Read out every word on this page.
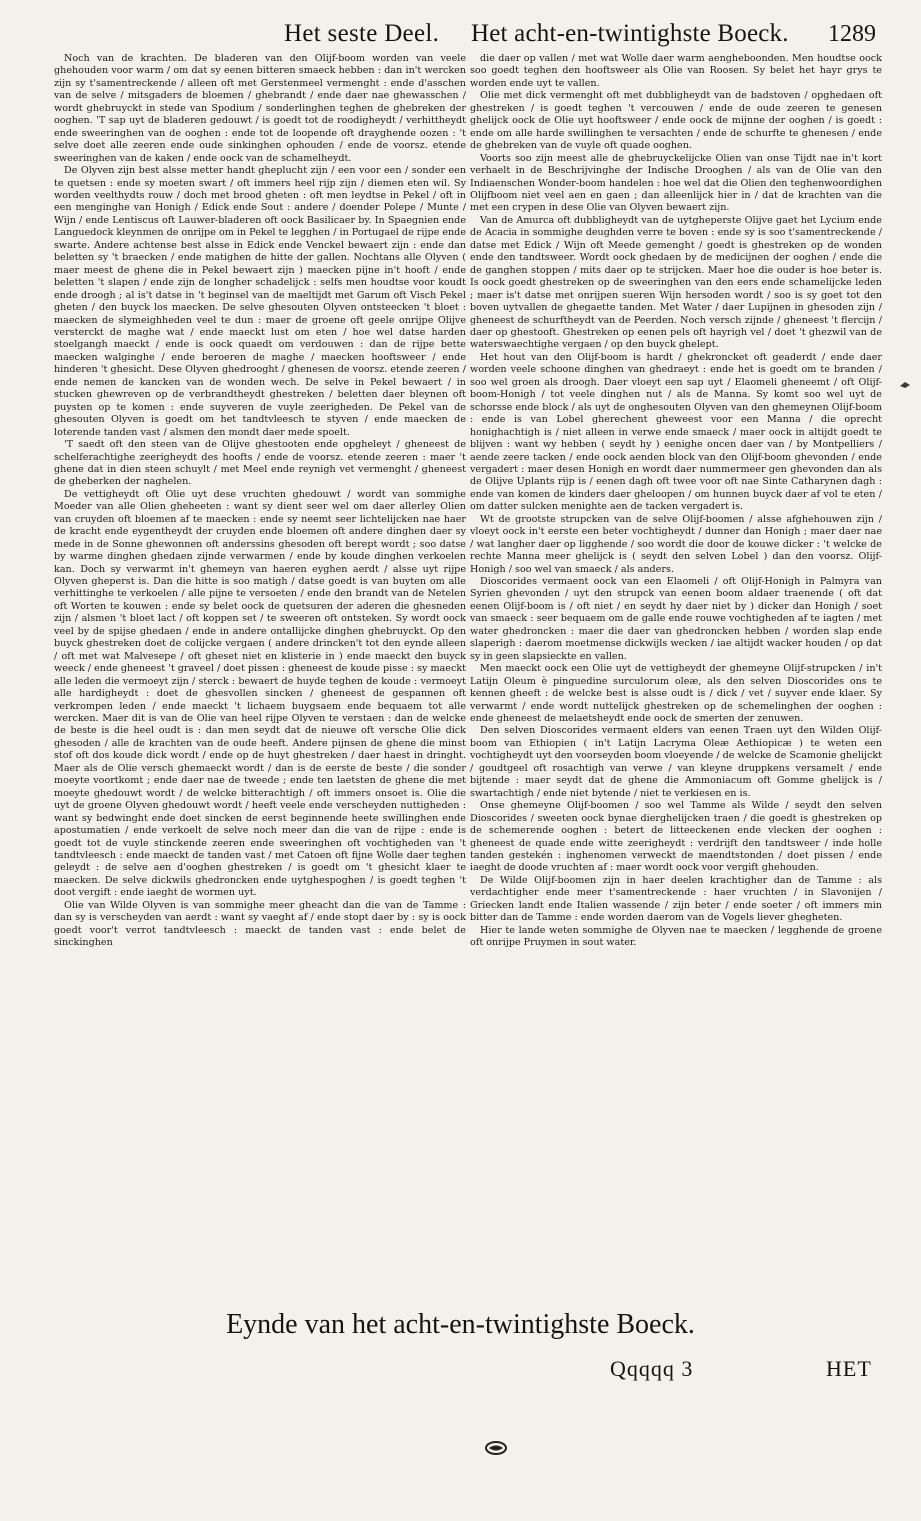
Het seste Deel. Het acht-en-twintighste Boeck. 1289

Noch van de krachten. De bladeren van den Olijf-boom worden van veele ghehouden voor warm / om dat sy eenen bitteren smaeck hebben : dan in't wercken zijn sy t'samentreckende / alleen oft met Gerstenmeel vermenght : ende d'asschen van de selve / mitsgaders de bloemen / ghebrandt / ende daer nae ghewasschen / wordt ghebruyckt in stede van Spodium / sonderlinghen teghen de ghebreken der ooghen. 'T sap uyt de bladeren gedouwt / is goedt tot de roodigheydt / verhittheydt ende sweeringhen van de ooghen : ende tot de loopende oft drayghende oozen : 't selve doet alle zeeren ende oude sinkinghen ophouden / ende de voorsz. etende sweeringhen van de kaken / ende oock van de schamelheydt.

De Olyven zijn best alsse metter handt gheplucht zijn / een voor een / sonder een te quetsen : ende sy moeten swart / oft immers heel rijp zijn / diemen eten wil. Sy worden veelthydts rouw / doch met brood gheten : oft men leydtse in Pekel / oft in een menginghe van Honigh / Edick ende Sout : andere / doender Polepe / Munte / Wijn / ende Lentiscus oft Lauwer-bladeren oft oock Basilicaer by. In Spaegnien ende Languedock kleynmen de onrijpe om in Pekel te legghen / in Portugael de rijpe ende swarte. Andere achtense best alsse in Edick ende Venckel bewaert zijn : ende dan beletten sy 't braecken / ende matighen de hitte der gallen. Nochtans alle Olyven ( maer meest de ghene die in Pekel bewaert zijn ) maecken pijne in't hooft / ende beletten 't slapen / ende zijn de longher schadelijck : selfs men houdtse voor koudt ende droogh ; al is't datse in 't beginsel van de maeltijdt met Garum oft Visch Pekel gheten / den buyck los maecken. De selve ghesouten Olyven ontsteecken 't bloet : maecken de slymeighheden veel te dun : maer de groene oft geele onrijpe Olijve versterckt de maghe wat / ende maeckt lust om eten / hoe wel datse harden stoelgangh maeckt / ende is oock quaedt om verdouwen : dan de rijpe bette maecken walginghe / ende beroeren de maghe / maecken hooftsweer / ende hinderen 't ghesicht. Dese Olyven ghedrooght / ghenesen de voorsz. etende zeeren / ende nemen de kancken van de wonden wech. De selve in Pekel bewaert / in stucken ghewreven op de verbrandtheydt ghestreken / beletten daer bleynen oft puysten op te komen : ende suyveren de vuyle zeerigheden. De Pekel van de ghesouten Olyven is goedt om het tandtvleesch te styven / ende maecken de loterende tanden vast / alsmen den mondt daer mede spoelt.

'T saedt oft den steen van de Olijve ghestooten ende opgheleyt / gheneest de schelferachtighe zeerigheydt des hoofts / ende de voorsz. etende zeeren : maer 't ghene dat in dien steen schuylt / met Meel ende reynigh vet vermenght / gheneest de gheberken der naghelen.

De vettigheydt oft Olie uyt dese vruchten ghedouwt / wordt van sommighe Moeder van alle Olien gheheeten : want sy dient seer wel om daer allerley Olien van cruyden oft bloemen af te maecken : ende sy neemt seer lichtelijcken nae haer de kracht ende eygentheydt der cruyden ende bloemen oft andere dinghen daer sy mede in de Sonne ghewonnen oft anderssins ghesoden oft berept wordt ; soo datse by warme dinghen ghedaen zijnde verwarmen / ende by koude dinghen verkoelen kan. Doch sy verwarmt in't ghemeyn van haeren eyghen aerdt / alsse uyt rijpe Olyven gheperst is. Dan die hitte is soo matigh / datse goedt is van buyten om alle verhittinghe te verkoelen / alle pijne te versoeten / ende den brandt van de Netelen oft Worten te kouwen : ende sy belet oock de quetsuren der aderen die ghesneden zijn / alsmen 't bloet lact / oft koppen set / te sweeren oft ontsteken. Sy wordt oock veel by de spijse ghedaen / ende in andere ontallijcke dinghen ghebruyckt. Op den buyck ghestreken doet de colijcke vergaen ( andere drincken't tot den eynde alleen / oft met wat Malvesepe / oft gheset niet en klisterie in ) ende maeckt den buyck weeck / ende gheneest 't graveel / doet pissen : gheneest de koude pisse : sy maeckt alle leden die vermoeyt zijn / sterck : bewaert de huyde teghen de koude : vermoeyt alle hardigheydt : doet de ghesvollen sincken / gheneest de gespannen oft verkrompen leden / ende maeckt 't lichaem buygsaem ende bequaem tot alle wercken. Maer dit is van de Olie van heel rijpe Olyven te verstaen : dan de welcke de beste is die heel oudt is : dan men seydt dat de nieuwe oft versche Olie dick ghesoden / alle de krachten van de oude heeft. Andere pijnsen de ghene die minst stof oft dos koude dick wordt / ende op de huyt ghestreken / daer haest in dringht. Maer als de Olie versch ghemaeckt wordt / dan is de eerste de beste / die sonder moeyte voortkomt ; ende daer nae de tweede ; ende ten laetsten de ghene die met moeyte ghedouwt wordt / de welcke bitterachtigh / oft immers onsoet is. Olie die uyt de groene Olyven ghedouwt wordt / heeft veele ende verscheyden nuttigheden : want sy bedwinght ende doet sincken de eerst beginnende heete swillinghen ende apostumatien / ende verkoelt de selve noch meer dan die van de rijpe : ende is goedt tot de vuyle stinckende zeeren ende sweeringhen oft vochtigheden van 't tandtvleesch : ende maeckt de tanden vast / met Catoen oft fijne Wolle daer teghen geleydt : de selve aen d'ooghen ghestreken / is goedt om 't ghesicht klaer te maecken. De selve dickwils ghedroncken ende uytghespoghen / is goedt teghen 't doot vergift : ende iaeght de wormen uyt.

Olie van Wilde Olyven is van sommighe meer gheacht dan die van de Tamme : dan sy is verscheyden van aerdt : want sy vaeght af / ende stopt daer by : sy is oock goedt voor't verrot tandtvleesch : maeckt de tanden vast : ende belet de sinckinghen

die daer op vallen / met wat Wolle daer warm aengheboonden. Men houdtse oock soo goedt teghen den hooftsweer als Olie van Roosen. Sy belet het hayr grys te worden ende uyt te vallen.

Olie met dick vermenght oft met dubbligheydt van de badstoven / opghedaen oft ghestreken / is goedt teghen 't vercouwen / ende de oude zeeren te genesen ghelijck oock de Olie uyt hooftsweer / ende oock de mijnne der ooghen / is goedt : ende om alle harde swillinghen te versachten / ende de schurfte te ghenesen / ende de ghebreken van de vuyle oft quade ooghen.

Voorts soo zijn meest alle de ghebruyckelijcke Olien van onse Tijdt nae in't kort verhaelt in de Beschrijvinghe der Indische Drooghen / als van de Olie van den Indiaenschen Wonder-boom handelen : hoe wel dat die Olien den teghenwoordighen Olijfboom niet veel aen en gaen ; dan alleenlijck hier in / dat de krachten van die met een crypen in dese Olie van Olyven bewaert zijn.

Van de Amurca oft dubbligheydt van de uytgheperste Olijve gaet het Lycium ende de Acacia in sommighe deughden verre te boven : ende sy is soo t'samentreckende / datse met Edick / Wijn oft Meede gemenght / goedt is ghestreken op de wonden ende den tandtsweer. Wordt oock ghedaen by de medicijnen der ooghen / ende die de ganghen stoppen / mits daer op te strijcken. Maer hoe die ouder is hoe beter is. Is oock goedt ghestreken op de sweeringhen van den eers ende schamelijcke leden ; maer is't datse met onrijpen sueren Wijn hersoden wordt / soo is sy goet tot den boven uytvallen de ghegaette tanden. Met Water / daer Lupijnen in ghesoden zijn / gheneest de schurftheydt van de Peerden. Noch versch zijnde / gheneest 't flercijn / daer op ghestooft. Ghestreken op eenen pels oft hayrigh vel / doet 't ghezwil van de waterswaechtighe vergaen / op den buyck ghelept.

Het hout van den Olijf-boom is hardt / ghekroncket oft geaderdt / ende daer worden veele schoone dinghen van ghedraeyt : ende het is goedt om te branden / soo wel groen als droogh. Daer vloeyt een sap uyt / Elaomeli gheneemt / oft Olijf-boom-Honigh / tot veele dinghen nut / als de Manna. Sy komt soo wel uyt de schorsse ende block / als uyt de onghesouten Olyven van den ghemeynen Olijf-boom : ende is van Lobel gherechent gheweest voor een Manna / die oprecht honighachtigh is / niet alleen in verwe ende smaeck / maer oock in altijdt goedt te blijven : want wy hebben ( seydt hy ) eenighe oncen daer van / by Montpelliers / aende zeere tacken / ende oock aenden block van den Olijf-boom ghevonden / ende vergadert : maer desen Honigh en wordt daer nummermeer gen ghevonden dan als de Olijve Uplants rijp is / eenen dagh oft twee voor oft nae Sinte Catharynen dagh : ende van komen de kinders daer gheloopen / om hunnen buyck daer af vol te eten / om datter sulcken menighte aen de tacken vergadert is.

Wt de grootste strupcken van de selve Olijf-boomen / alsse afghehouwen zijn / vloeyt oock in't eerste een beter vochtigheydt / dunner dan Honigh ; maer daer nae / wat langher daer op ligghende / soo wordt die door de kouwe dicker : 't welcke de rechte Manna meer ghelijck is ( seydt den selven Lobel ) dan den voorsz. Olijf-Honigh / soo wel van smaeck / als anders.

Dioscorides vermaent oock van een Elaomeli / oft Olijf-Honigh in Palmyra van Syrien ghevonden / uyt den strupck van eenen boom aldaer traenende ( oft dat eenen Olijf-boom is / oft niet / en seydt hy daer niet by ) dicker dan Honigh / soet van smaeck : seer bequaem om de galle ende rouwe vochtigheden af te iagten / met water ghedroncken : maer die daer van ghedroncken hebben / worden slap ende slaperigh : daerom moetmense dickwijls wecken / iae altijdt wacker houden / op dat sy in geen slapsieckte en vallen.

Men maeckt oock een Olie uyt de vettigheydt der ghemeyne Olijf-strupcken / in't Latijn Oleum è pinguedine surculorum oleæ, als den selven Dioscorides ons te kennen gheeft : de welcke best is alsse oudt is / dick / vet / suyver ende klaer. Sy verwarmt / ende wordt nuttelijck ghestreken op de schemelinghen der ooghen : ende gheneest de melaetsheydt ende oock de smerten der zenuwen.

Den selven Dioscorides vermaent elders van eenen Traen uyt den Wilden Olijf-boom van Ethiopien ( in't Latijn Lacryma Oleæ Aethiopicæ ) te weten een vochtigheydt uyt den voorseyden boom vloeyende / de welcke de Scamonie ghelijckt / goudtgeel oft rosachtigh van verwe / van kleyne druppkens versamelt / ende bijtende : maer seydt dat de ghene die Ammoniacum oft Gomme ghelijck is / swartachtigh / ende niet bytende / niet te verkiesen en is.

Onse ghemeyne Olijf-boomen / soo wel Tamme als Wilde / seydt den selven Dioscorides / sweeten oock bynae dierghelijcken traen / die goedt is ghestreken op de schemerende ooghen : betert de litteeckenen ende vlecken der ooghen : gheneest de quade ende witte zeerigheydt : verdrijft den tandtsweer / inde holle tanden gestekén : inghenomen verweckt de maendtstonden / doet pissen / ende iaeght de doode vruchten af : maer wordt oock voor vergift ghehouden.

De Wilde Olijf-boomen zijn in haer deelen krachtigher dan de Tamme : als verdachtigher ende meer t'samentreckende : haer vruchten / in Slavonijen / Griecken landt ende Italien wassende / zijn beter / ende soeter / oft immers min bitter dan de Tamme : ende worden daerom van de Vogels liever ghegheten.

Hier te lande weten sommighe de Olyven nae te maecken / legghende de groene oft onrijpe Pruymen in sout water.

Eynde van het acht-en-twintighste Boeck.
Qqqqq 3	HET
